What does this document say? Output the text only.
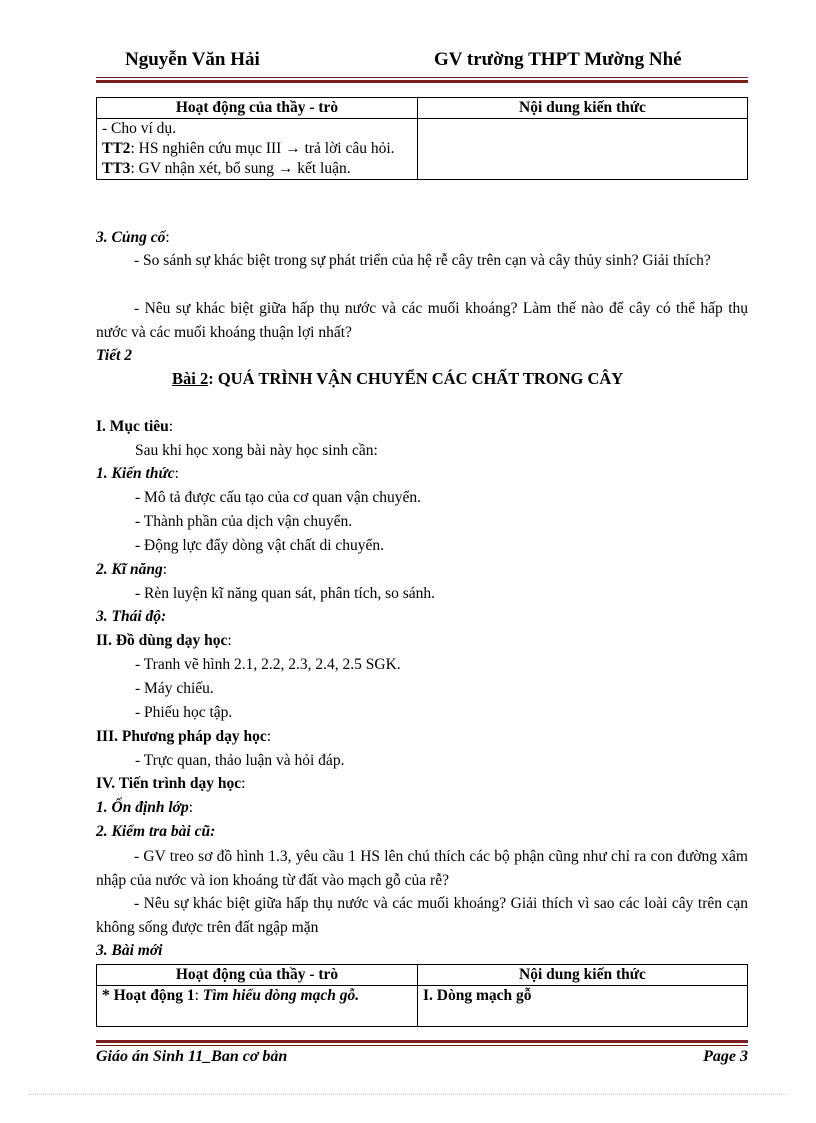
Nguyễn Văn Hải	GV trường THPT Mường Nhé
Hoạt động của thầy - trò	Nội dung kiến thức

- Cho ví dụ.
TT2: HS nghiên cứu mục III → trả lời câu hỏi.
TT3: GV nhận xét, bổ sung → kết luận.	

3. Củng cố:
- So sánh sự khác biệt trong sự phát triển của hệ rễ cây trên cạn và cây thủy sinh? Giải thích?
- Nêu sự khác biệt giữa hấp thụ nước và các muối khoáng? Làm thế nào để cây có thể hấp thụ nước và các muối khoáng thuận lợi nhất?
Tiết 2
Bài 2: QUÁ TRÌNH VẬN CHUYỂN CÁC CHẤT TRONG CÂY
I. Mục tiêu:
Sau khi học xong bài này học sinh cần:
1. Kiến thức:
- Mô tả được cấu tạo của cơ quan vận chuyển.
- Thành phần của dịch vận chuyển.
- Động lực đẩy dòng vật chất di chuyển.
2. Kĩ năng:
- Rèn luyện kĩ năng quan sát, phân tích, so sánh.
3. Thái độ:
II. Đồ dùng dạy học:
- Tranh vẽ hình 2.1, 2.2, 2.3, 2.4, 2.5 SGK.
- Máy chiếu.
- Phiếu học tập.
III. Phương pháp dạy học:
- Trực quan, thảo luận và hỏi đáp.
IV. Tiến trình dạy học:
1. Ổn định lớp:
2. Kiểm tra bài cũ:
- GV treo sơ đồ hình 1.3, yêu cầu 1 HS lên chú thích các bộ phận cũng như chỉ ra con đường xâm nhập của nước và ion khoáng từ đất vào mạch gỗ của rễ?
- Nêu sự khác biệt giữa hấp thụ nước và các muối khoáng? Giải thích vì sao các loài cây trên cạn không sống được trên đất ngập mặn
3. Bài mới
Hoạt động của thầy - trò	Nội dung kiến thức
* Hoạt động 1: Tìm hiểu dòng mạch gỗ.	I. Dòng mạch gỗ
Giáo án Sinh 11_Ban cơ bản	Page 3
